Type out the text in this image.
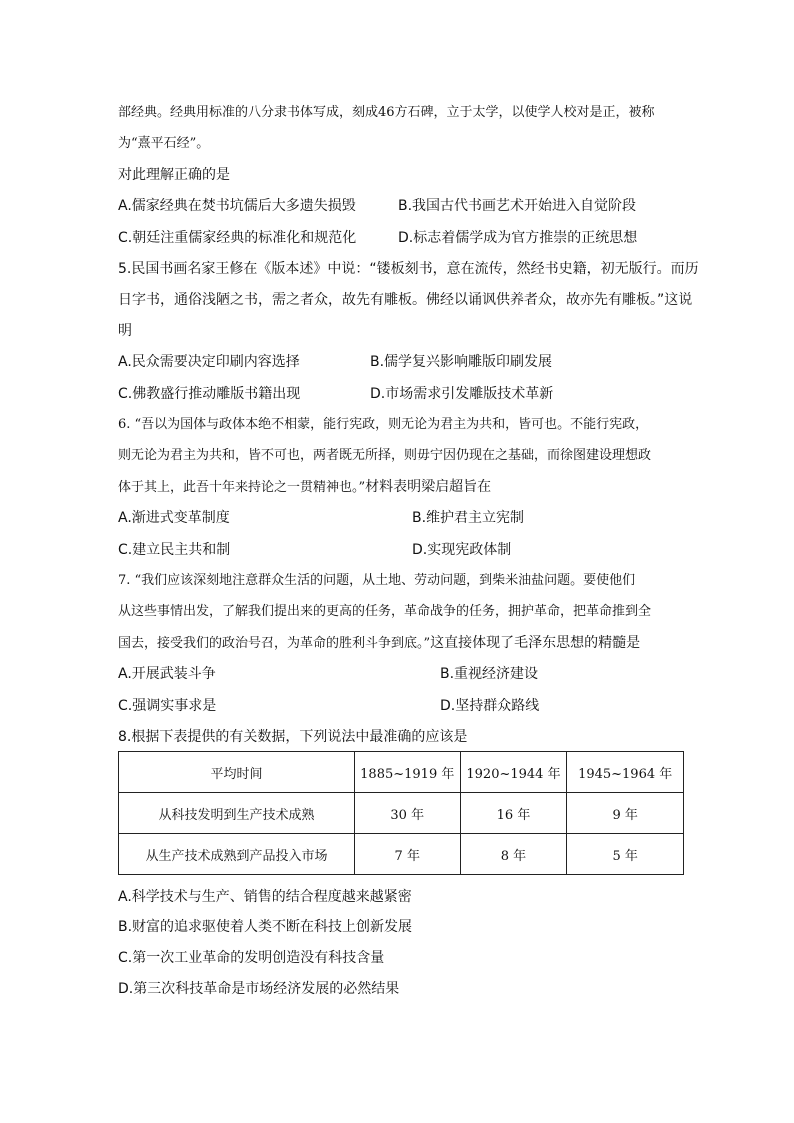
部经典。经典用标准的八分隶书体写成，刻成46方石碑，立于太学，以使学人校对是正，被称
为“熹平石经”。
对此理解正确的是
A.儒家经典在焚书坑儒后大多遗失损毁	B.我国古代书画艺术开始进入自觉阶段
C.朝廷注重儒家经典的标准化和规范化	D.标志着儒学成为官方推崇的正统思想
5.民国书画名家王修在《版本述》中说：“镂板刻书，意在流传，然经书史籍，初无版行。而历
日字书，通俗浅陋之书，需之者众，故先有雕板。佛经以诵讽供养者众，故亦先有雕板。”这说
明
A.民众需要决定印刷内容选择	B.儒学复兴影响雕版印刷发展
C.佛教盛行推动雕版书籍出现	D.市场需求引发雕版技术革新
6. “吾以为国体与政体本绝不相蒙，能行宪政，则无论为君主为共和，皆可也。不能行宪政，
则无论为君主为共和，皆不可也，两者既无所择，则毋宁因仍现在之基础，而徐图建设理想政
体于其上，此吾十年来持论之一贯精神也。”材料表明梁启超旨在
A.渐进式变革制度	B.维护君主立宪制
C.建立民主共和制	D.实现宪政体制
7. “我们应该深刻地注意群众生活的问题，从土地、劳动问题，到柴米油盐问题。要使他们
从这些事情出发，了解我们提出来的更高的任务，革命战争的任务，拥护革命，把革命推到全
国去，接受我们的政治号召，为革命的胜利斗争到底。”这直接体现了毛泽东思想的精髓是
A.开展武装斗争	B.重视经济建设
C.强调实事求是	D.坚持群众路线
8.根据下表提供的有关数据，下列说法中最准确的应该是
平均时间	1885~1919 年	1920~1944 年	1945~1964 年
从科技发明到生产技术成熟	30 年	16 年	9 年
从生产技术成熟到产品投入市场	7 年	8 年	5 年
A.科学技术与生产、销售的结合程度越来越紧密
B.财富的追求驱使着人类不断在科技上创新发展
C.第一次工业革命的发明创造没有科技含量
D.第三次科技革命是市场经济发展的必然结果
